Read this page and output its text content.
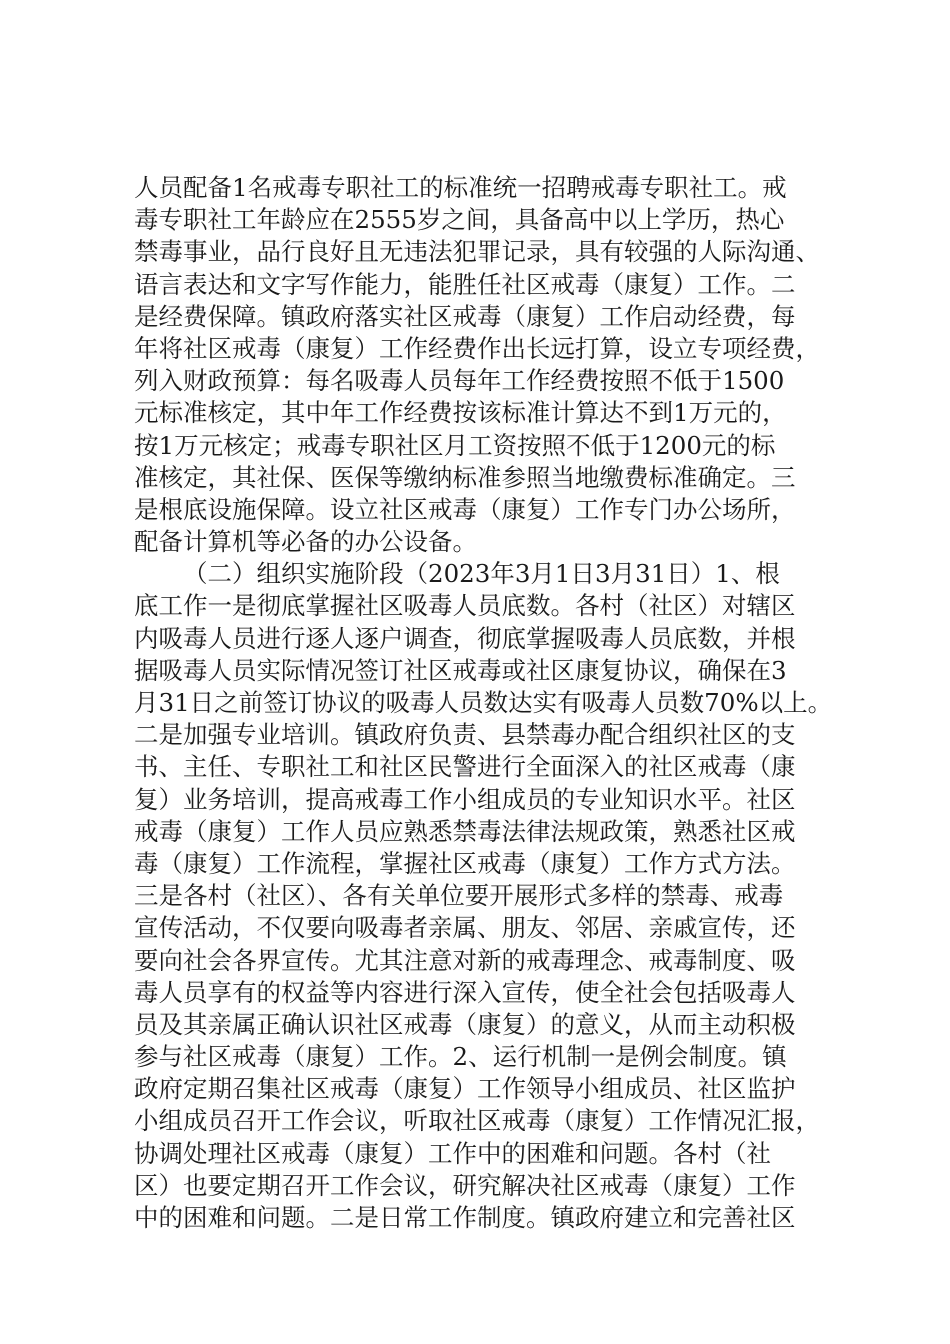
人员配备1名戒毒专职社工的标准统一招聘戒毒专职社工。戒
毒专职社工年龄应在2555岁之间，具备高中以上学历，热心
禁毒事业，品行良好且无违法犯罪记录，具有较强的人际沟通、
语言表达和文字写作能力，能胜任社区戒毒（康复）工作。二
是经费保障。镇政府落实社区戒毒（康复）工作启动经费，每
年将社区戒毒（康复）工作经费作出长远打算，设立专项经费，
列入财政预算：每名吸毒人员每年工作经费按照不低于1500
元标准核定，其中年工作经费按该标准计算达不到1万元的，
按1万元核定；戒毒专职社区月工资按照不低于1200元的标
准核定，其社保、医保等缴纳标准参照当地缴费标准确定。三
是根底设施保障。设立社区戒毒（康复）工作专门办公场所，
配备计算机等必备的办公设备。
（二）组织实施阶段（2023年3月1日3月31日）1、根
底工作一是彻底掌握社区吸毒人员底数。各村（社区）对辖区
内吸毒人员进行逐人逐户调查，彻底掌握吸毒人员底数，并根
据吸毒人员实际情况签订社区戒毒或社区康复协议，确保在3
月31日之前签订协议的吸毒人员数达实有吸毒人员数70%以上。
二是加强专业培训。镇政府负责、县禁毒办配合组织社区的支
书、主任、专职社工和社区民警进行全面深入的社区戒毒（康
复）业务培训，提高戒毒工作小组成员的专业知识水平。社区
戒毒（康复）工作人员应熟悉禁毒法律法规政策，熟悉社区戒
毒（康复）工作流程，掌握社区戒毒（康复）工作方式方法。
三是各村（社区）、各有关单位要开展形式多样的禁毒、戒毒
宣传活动，不仅要向吸毒者亲属、朋友、邻居、亲戚宣传，还
要向社会各界宣传。尤其注意对新的戒毒理念、戒毒制度、吸
毒人员享有的权益等内容进行深入宣传，使全社会包括吸毒人
员及其亲属正确认识社区戒毒（康复）的意义，从而主动积极
参与社区戒毒（康复）工作。2、运行机制一是例会制度。镇
政府定期召集社区戒毒（康复）工作领导小组成员、社区监护
小组成员召开工作会议，听取社区戒毒（康复）工作情况汇报，
协调处理社区戒毒（康复）工作中的困难和问题。各村（社
区）也要定期召开工作会议，研究解决社区戒毒（康复）工作
中的困难和问题。二是日常工作制度。镇政府建立和完善社区
